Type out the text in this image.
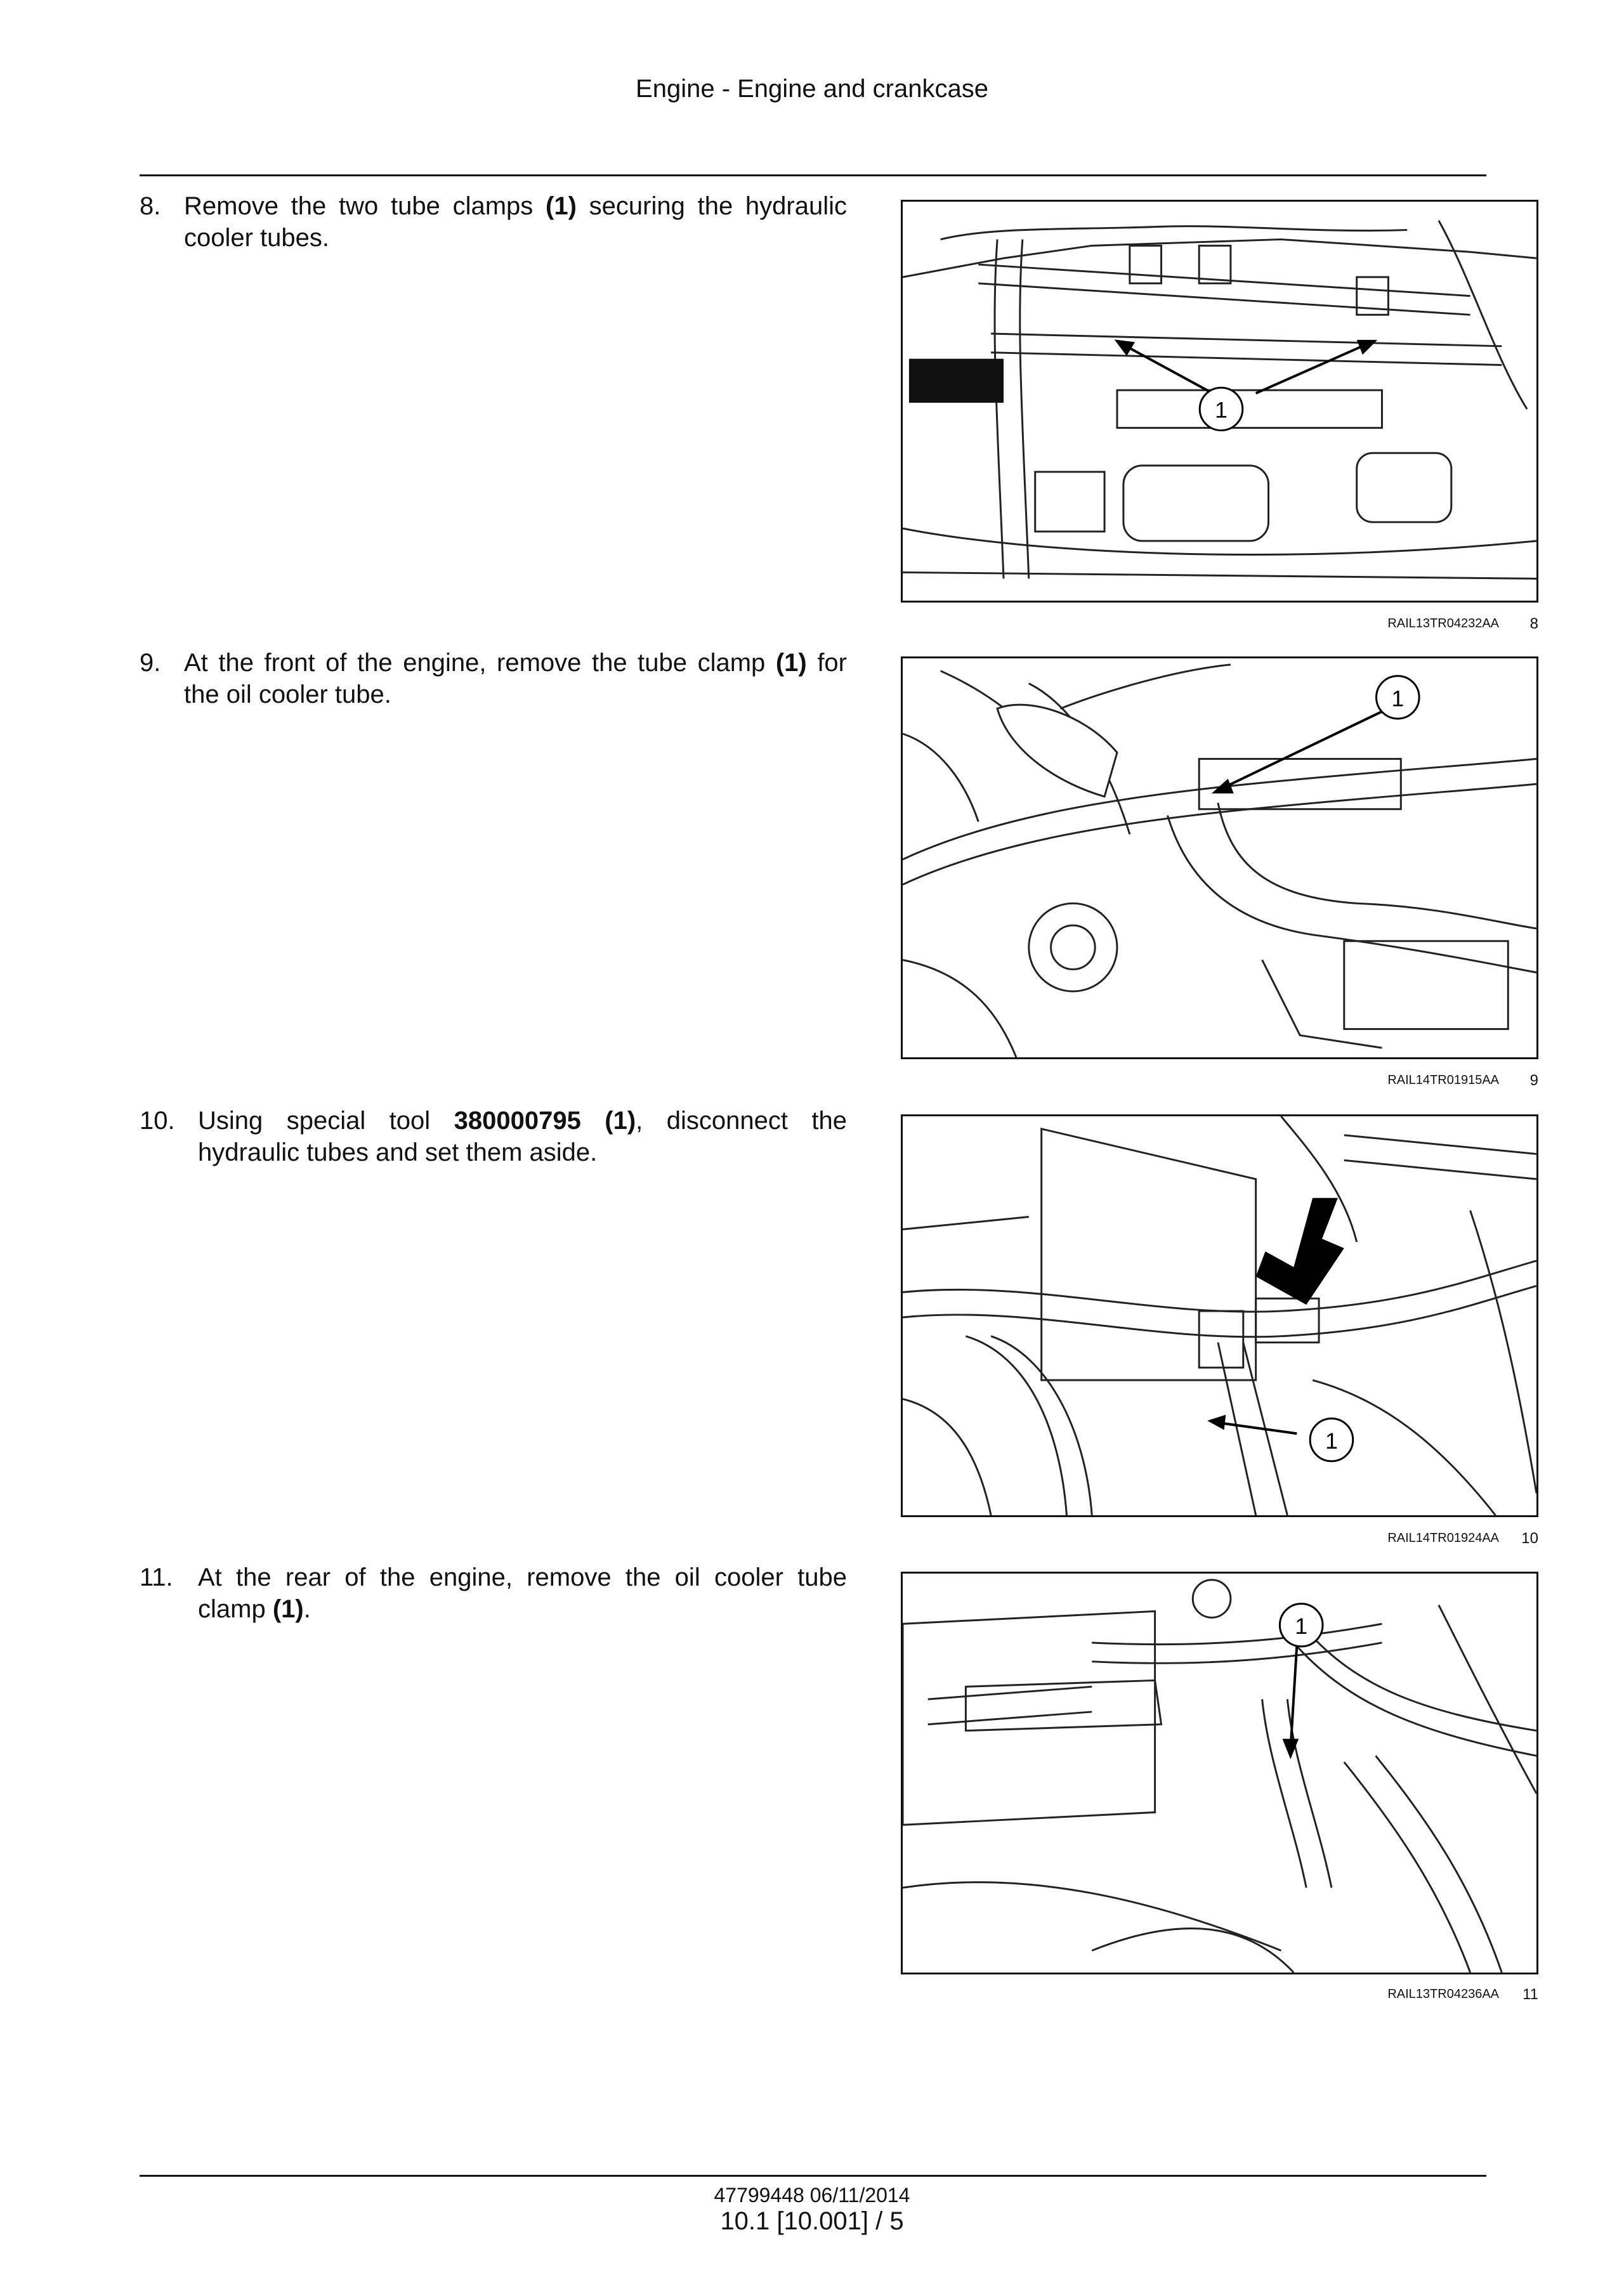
Engine - Engine and crankcase
8. Remove the two tube clamps (1) securing the hydraulic cooler tubes.
9. At the front of the engine, remove the tube clamp (1) for the oil cooler tube.
10. Using special tool 380000795 (1), disconnect the hydraulic tubes and set them aside.
11. At the rear of the engine, remove the oil cooler tube clamp (1).
1
RAIL13TR04232AA 8
1
RAIL14TR01915AA 9
1
RAIL14TR01924AA 10
1
RAIL13TR04236AA 11
47799448 06/11/2014
10.1 [10.001] / 5
